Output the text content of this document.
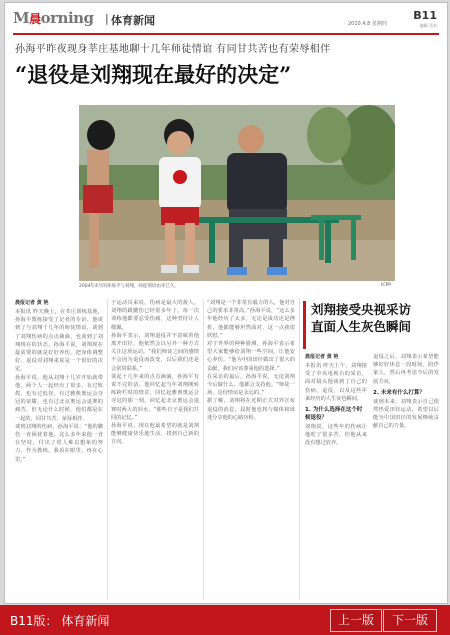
M晨orning | 体育新闻	2010.4.8 星期四
B11
编辑 美术
孙海平昨夜现身莘庄基地聊十几年师徒情谊 有同甘共苦也有荣辱相伴
“退役是刘翔现在最好的决定”
2004年4月的孙海平与刘翔，师徒情谊由来已久。	ICPP
晨报记者 黄 艳
本报讯 昨天晚上，在莘庄训练基地，孙海平教练接受了记者的专访。他谈到了与刘翔十几年的师徒情谊，谈到了刘翔伤病的点点滴滴，也谈到了刘翔现在的状态。孙海平说，刘翔现在最需要的就是好好养伤，把身体调整好，退役对刘翔来说是一个很好的决定。
孙海平说，他从刘翔十几岁开始就带他，两个人一起经历了很多。有过辉煌，也有过低谷，有过雅典奥运会夺冠的荣耀，也有过北京奥运会退赛的痛苦。但无论什么时候，他们都是在一起的，同甘共苦，荣辱相伴。
谈到刘翔的伤病，孙海平说：“他的脚伤一直困扰着他，这么多年来他一直在坚持，付出了常人难以想象的努力。作为教练，我看在眼里，疼在心里。”
于运动员来说，伤病是最大的敌人。刘翔的跟腱伤已经很多年了，每一次训练他都要忍受伤痛，这种坚持让人敬佩。
孙海平表示，刘翔退役并不意味着他离开田径，他依然会以另外一种方式关注这项运动。“我们师徒之间的感情不会因为退役而改变，以后我们还是会常常联系。”
谈起十几年来的点点滴滴，孙海平有说不完的话。他回忆起当年刘翔刚转练跨栏时的情景，回忆起雅典奥运会夺冠的那一刻，回忆起北京奥运会退赛时两人的泪水。“那些日子是我们共同的记忆。”
孙海平说，现在他最希望的就是刘翔能够健康快乐地生活，找到自己新的方向。
“刘翔是一个非常有毅力的人，他对自己的要求非常高。”孙海平说，“这么多年他经历了太多，无论是成功还是挫折，他都能够坦然面对，这一点我很欣慰。”
对于外界的种种猜测，孙海平表示希望大家能够给刘翔一些空间，让他安心养伤。“他为中国田径做出了很大的贡献，我们应该尊重他的选择。”
在采访的最后，孙海平说，无论刘翔今后做什么，他都会支持他。“师徒一场，这份情谊是永远的。”
据了解，刘翔将在近期正式对外宣布退役的消息，届时他也将与媒体和球迷分享他的心路历程。
刘翔接受央视采访
直面人生灰色瞬间
晨报记者 黄 艳
本报讯 昨天上午，刘翔接受了中央电视台的采访，面对镜头他谈到了自己的伤病、退役，以及这些年来经历的人生灰色瞬间。
1. 为什么选择在这个时候退役？
刘翔说，这些年的伤病让他吃了很多苦，但他从来没有想过放弃。
退役之后，刘翔表示希望能够好好休息一段时间，陪伴家人，然后再考虑今后的发展方向。
2. 未来有什么打算？
谈到未来，刘翔表示自己依然热爱田径运动，希望以后能为中国田径的发展继续贡献自己的力量。
B11版： 体育新闻	上一版	下一版
